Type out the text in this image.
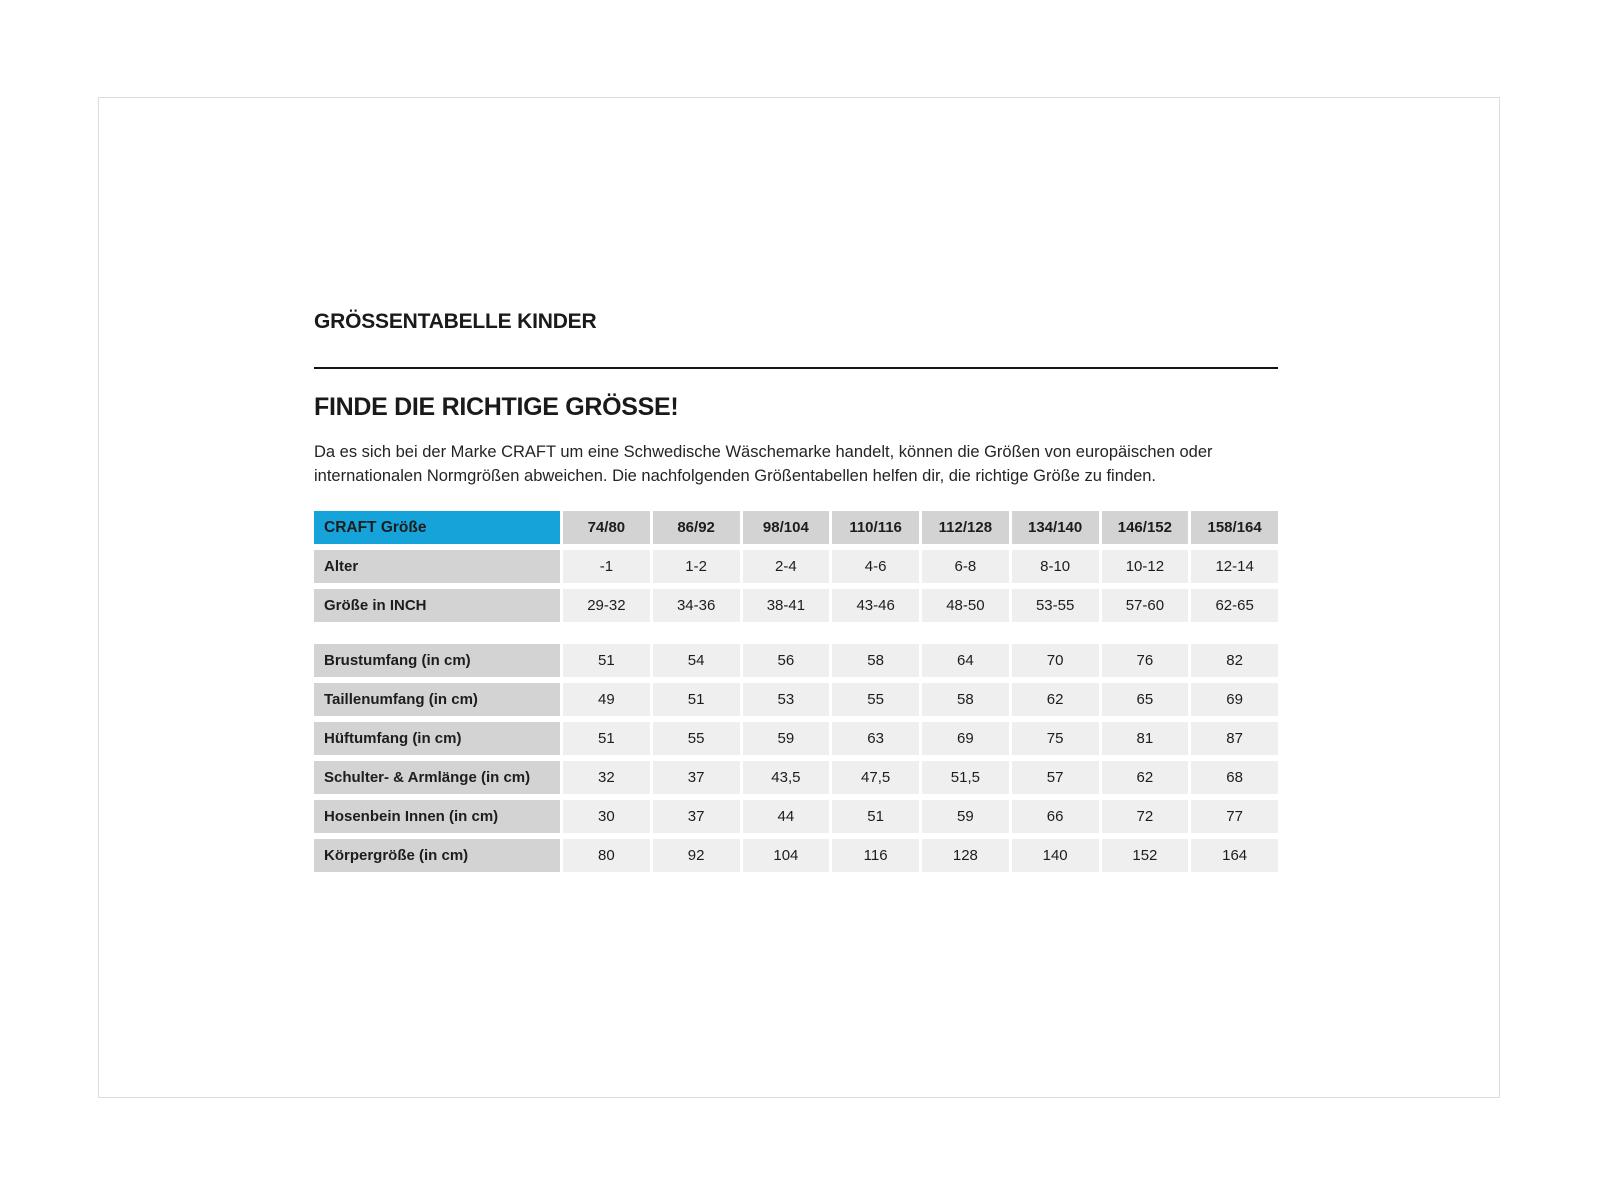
GRÖSSENTABELLE KINDER
FINDE DIE RICHTIGE GRÖSSE!
Da es sich bei der Marke CRAFT um eine Schwedische Wäschemarke handelt, können die Größen von europäischen oder
internationalen Normgrößen abweichen. Die nachfolgenden Größentabellen helfen dir, die richtige Größe zu finden.
CRAFT Größe	74/80	86/92	98/104	110/116	112/128	134/140	146/152	158/164
Alter	-1	1-2	2-4	4-6	6-8	8-10	10-12	12-14
Größe in INCH	29-32	34-36	38-41	43-46	48-50	53-55	57-60	62-65
Brustumfang (in cm)	51	54	56	58	64	70	76	82
Taillenumfang (in cm)	49	51	53	55	58	62	65	69
Hüftumfang (in cm)	51	55	59	63	69	75	81	87
Schulter- & Armlänge (in cm)	32	37	43,5	47,5	51,5	57	62	68
Hosenbein Innen (in cm)	30	37	44	51	59	66	72	77
Körpergröße (in cm)	80	92	104	116	128	140	152	164
